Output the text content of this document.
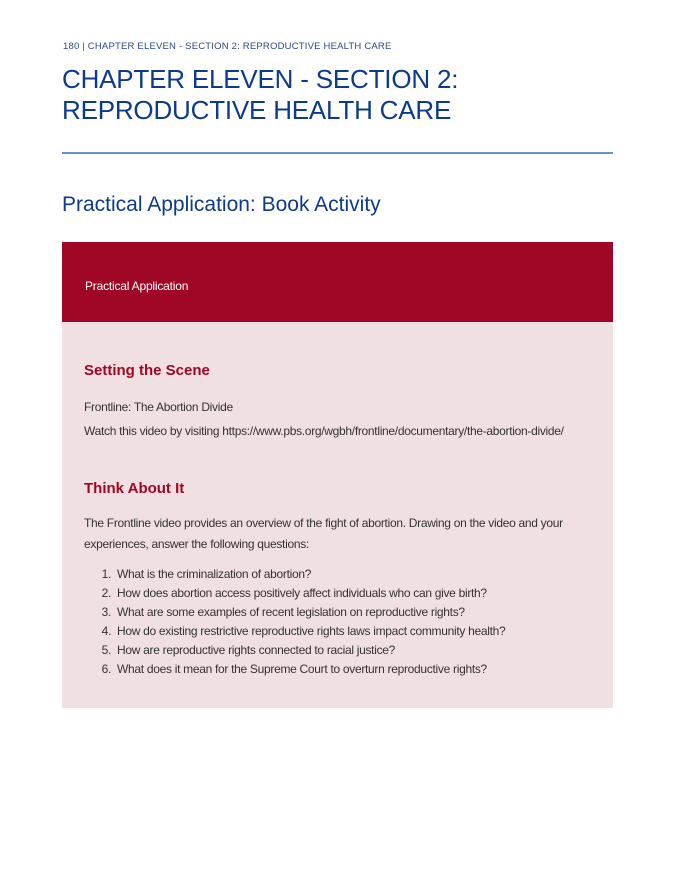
180 | CHAPTER ELEVEN - SECTION 2: REPRODUCTIVE HEALTH CARE
CHAPTER ELEVEN - SECTION 2:
REPRODUCTIVE HEALTH CARE
Practical Application: Book Activity
Practical Application
Setting the Scene

Frontline: The Abortion Divide

Watch this video by visiting https://www.pbs.org/wgbh/frontline/documentary/the-abortion-divide/

Think About It

The Frontline video provides an overview of the fight of abortion. Drawing on the video and your experiences, answer the following questions:

1. What is the criminalization of abortion?
2. How does abortion access positively affect individuals who can give birth?
3. What are some examples of recent legislation on reproductive rights?
4. How do existing restrictive reproductive rights laws impact community health?
5. How are reproductive rights connected to racial justice?
6. What does it mean for the Supreme Court to overturn reproductive rights?
